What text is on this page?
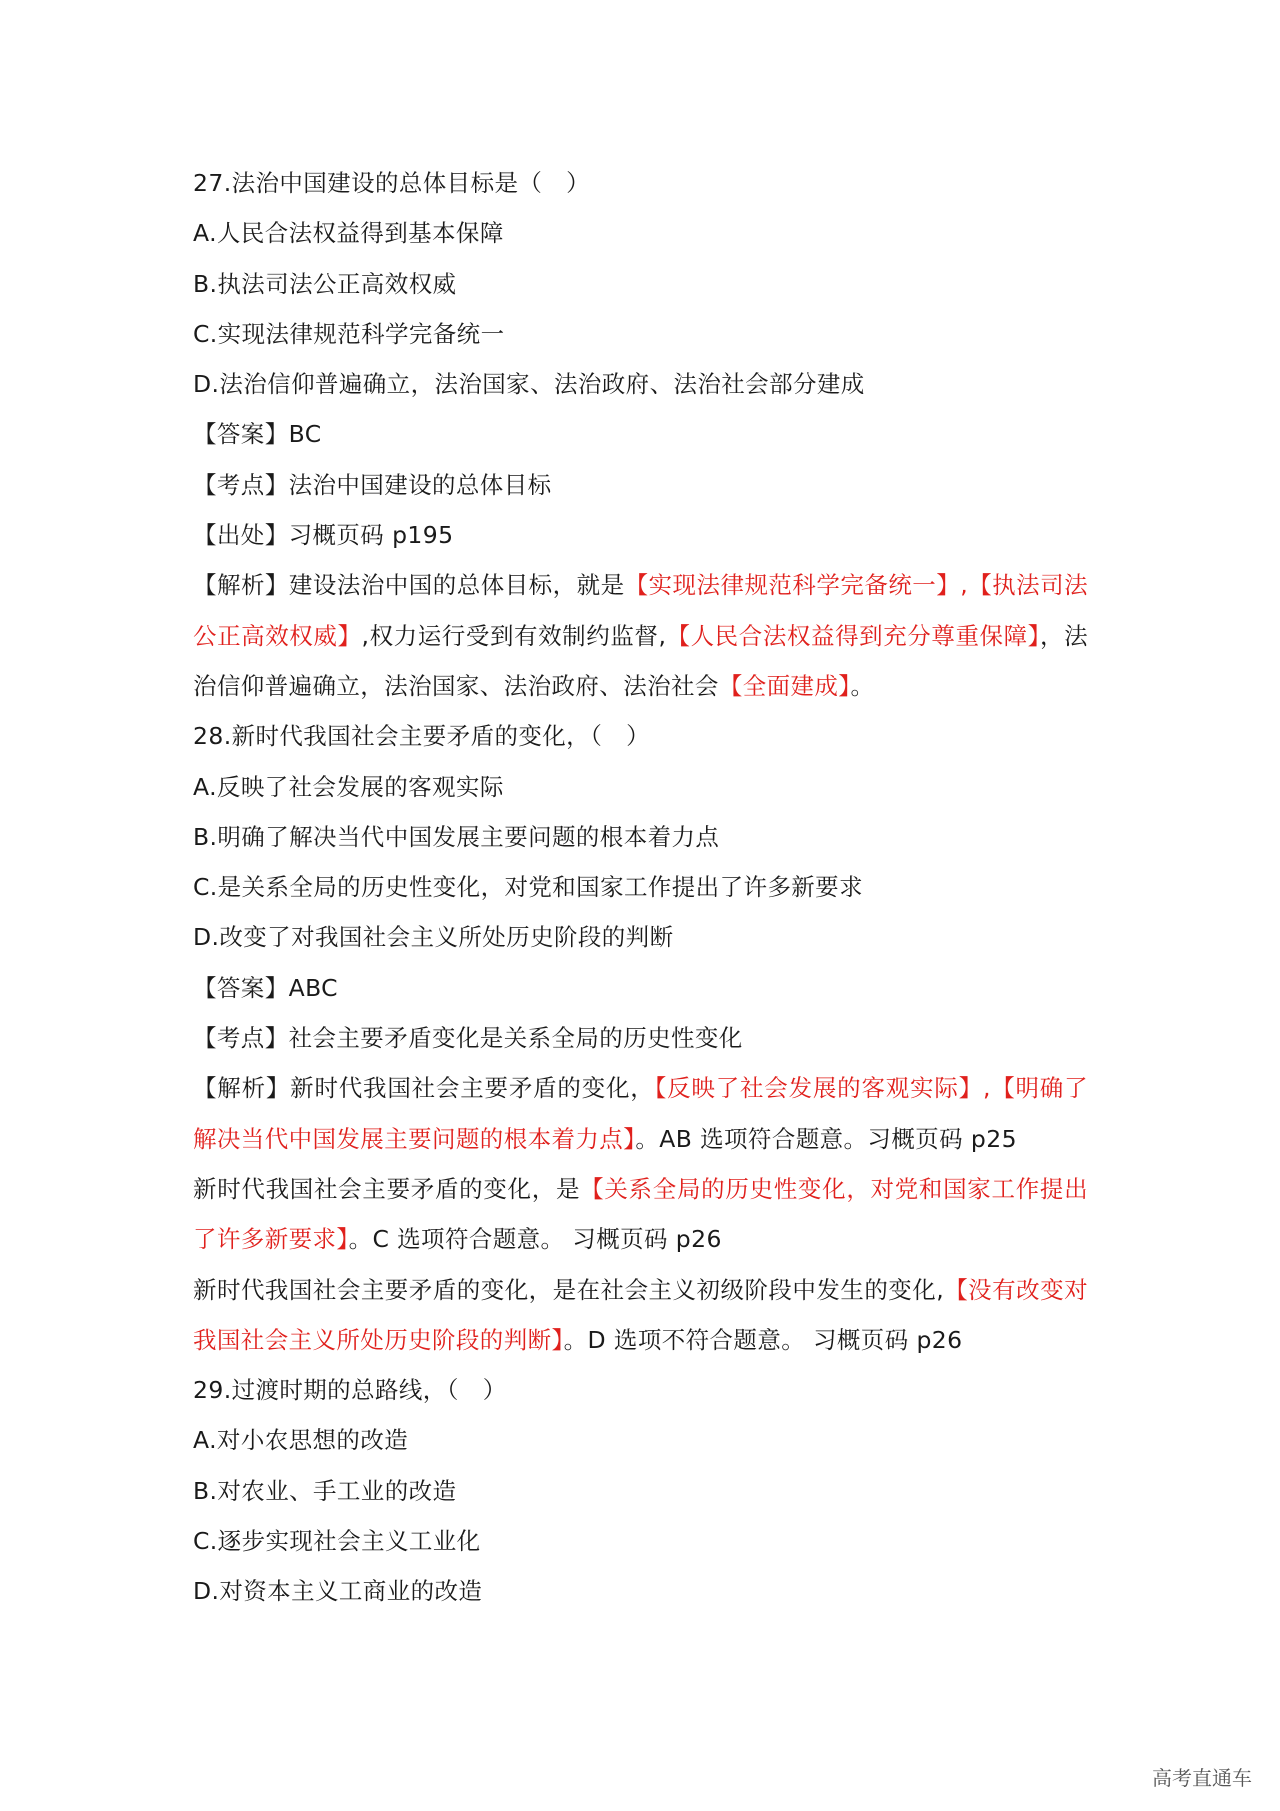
27.法治中国建设的总体目标是（　）
A.人民合法权益得到基本保障
B.执法司法公正高效权威
C.实现法律规范科学完备统一
D.法治信仰普遍确立，法治国家、法治政府、法治社会部分建成
【答案】BC
【考点】法治中国建设的总体目标
【出处】习概页码 p195
【解析】建设法治中国的总体目标，就是【实现法律规范科学完备统一】,【执法司法公正高效权威】,权力运行受到有效制约监督,【人民合法权益得到充分尊重保障】，法治信仰普遍确立，法治国家、法治政府、法治社会【全面建成】。
28.新时代我国社会主要矛盾的变化，（　）
A.反映了社会发展的客观实际
B.明确了解决当代中国发展主要问题的根本着力点
C.是关系全局的历史性变化，对党和国家工作提出了许多新要求
D.改变了对我国社会主义所处历史阶段的判断
【答案】ABC
【考点】社会主要矛盾变化是关系全局的历史性变化
【解析】新时代我国社会主要矛盾的变化，【反映了社会发展的客观实际】,【明确了解决当代中国发展主要问题的根本着力点】。AB 选项符合题意。习概页码 p25
新时代我国社会主要矛盾的变化，是【关系全局的历史性变化，对党和国家工作提出了许多新要求】。C 选项符合题意。 习概页码 p26
新时代我国社会主要矛盾的变化，是在社会主义初级阶段中发生的变化,【没有改变对我国社会主义所处历史阶段的判断】。D 选项不符合题意。 习概页码 p26
29.过渡时期的总路线，（　）
A.对小农思想的改造
B.对农业、手工业的改造
C.逐步实现社会主义工业化
D.对资本主义工商业的改造
高考直通车
